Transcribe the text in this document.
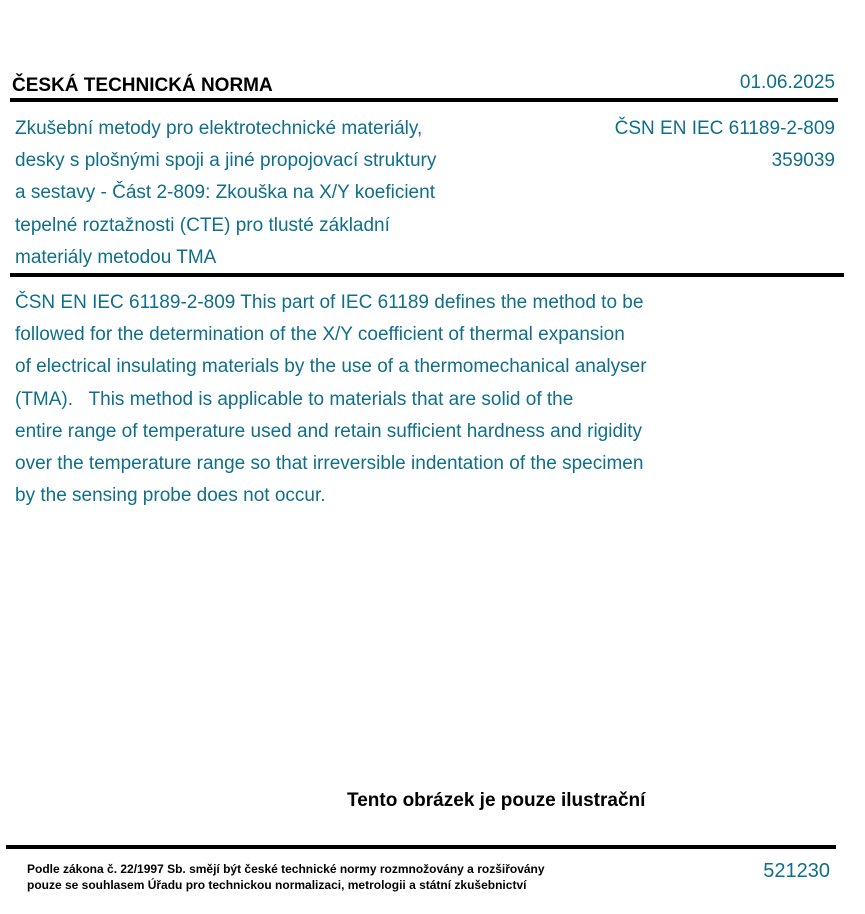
ČESKÁ TECHNICKÁ NORMA	01.06.2025
Zkušební metody pro elektrotechnické materiály,
desky s plošnými spoji a jiné propojovací struktury
a sestavy - Část 2-809: Zkouška na X/Y koeficient
tepelné roztažnosti (CTE) pro tlusté základní
materiály metodou TMA
ČSN EN IEC 61189-2-809
359039
ČSN EN IEC 61189-2-809 This part of IEC 61189 defines the method to be
followed for the determination of the X/Y coefficient of thermal expansion
of electrical insulating materials by the use of a thermomechanical analyser
(TMA).   This method is applicable to materials that are solid of the
entire range of temperature used and retain sufficient hardness and rigidity
over the temperature range so that irreversible indentation of the specimen
by the sensing probe does not occur.
Tento obrázek je pouze ilustrační
Podle zákona č. 22/1997 Sb. smějí být české technické normy rozmnožovány a rozšiřovány
pouze se souhlasem Úřadu pro technickou normalizaci, metrologii a státní zkušebnictví
521230
